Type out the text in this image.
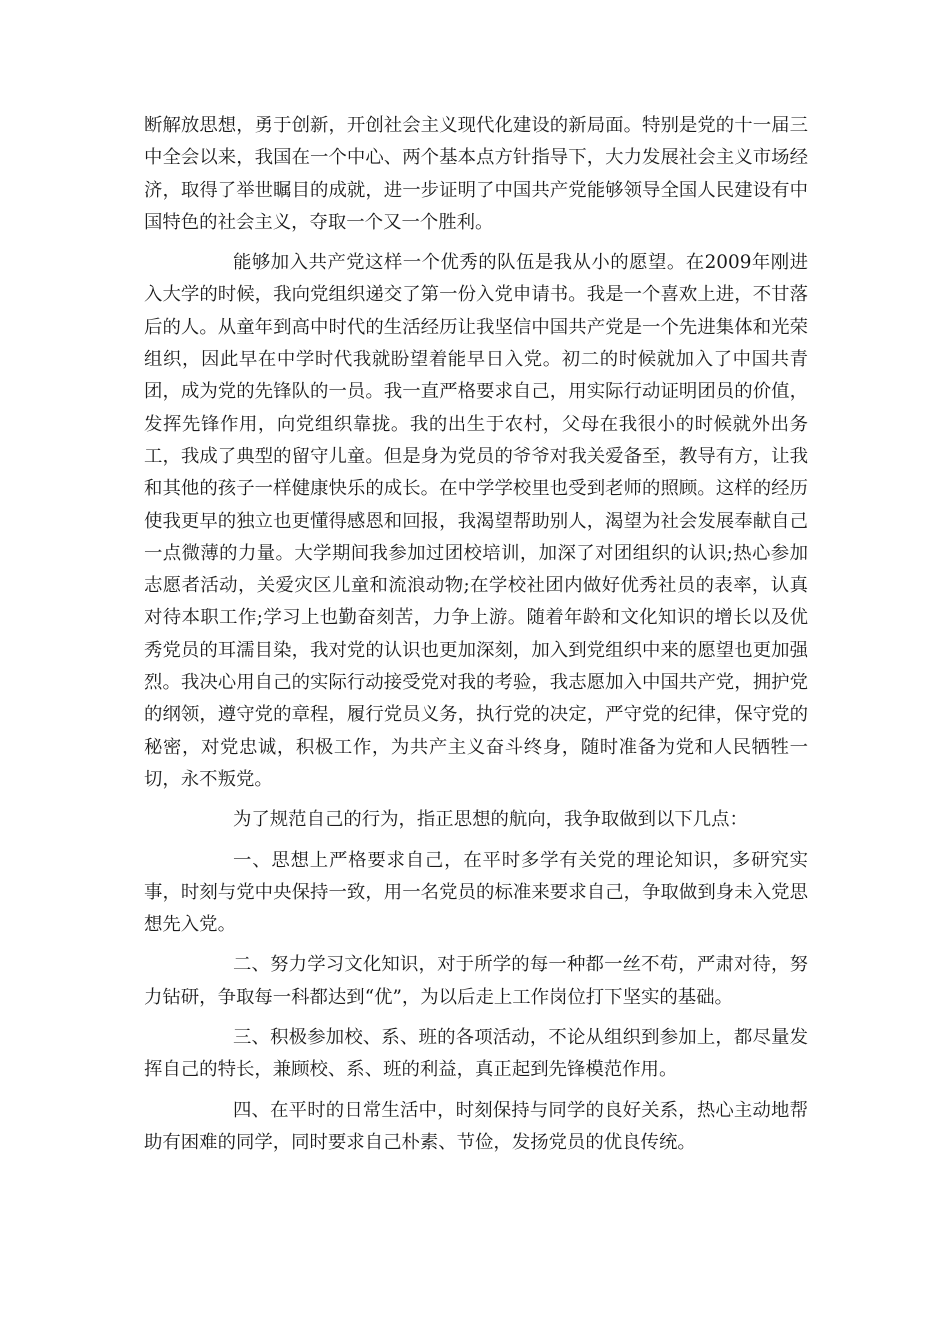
断解放思想，勇于创新，开创社会主义现代化建设的新局面。特别是党的十一届三中全会以来，我国在一个中心、两个基本点方针指导下，大力发展社会主义市场经济，取得了举世瞩目的成就，进一步证明了中国共产党能够领导全国人民建设有中国特色的社会主义，夺取一个又一个胜利。

能够加入共产党这样一个优秀的队伍是我从小的愿望。在2009年刚进入大学的时候，我向党组织递交了第一份入党申请书。我是一个喜欢上进，不甘落后的人。从童年到高中时代的生活经历让我坚信中国共产党是一个先进集体和光荣组织，因此早在中学时代我就盼望着能早日入党。初二的时候就加入了中国共青团，成为党的先锋队的一员。我一直严格要求自己，用实际行动证明团员的价值，发挥先锋作用，向党组织靠拢。我的出生于农村，父母在我很小的时候就外出务工，我成了典型的留守儿童。但是身为党员的爷爷对我关爱备至，教导有方，让我和其他的孩子一样健康快乐的成长。在中学学校里也受到老师的照顾。这样的经历使我更早的独立也更懂得感恩和回报，我渴望帮助别人，渴望为社会发展奉献自己一点微薄的力量。大学期间我参加过团校培训，加深了对团组织的认识;热心参加志愿者活动，关爱灾区儿童和流浪动物;在学校社团内做好优秀社员的表率，认真对待本职工作;学习上也勤奋刻苦，力争上游。随着年龄和文化知识的增长以及优秀党员的耳濡目染，我对党的认识也更加深刻，加入到党组织中来的愿望也更加强烈。我决心用自己的实际行动接受党对我的考验，我志愿加入中国共产党，拥护党的纲领，遵守党的章程，履行党员义务，执行党的决定，严守党的纪律，保守党的秘密，对党忠诚，积极工作，为共产主义奋斗终身，随时准备为党和人民牺牲一切，永不叛党。

为了规范自己的行为，指正思想的航向，我争取做到以下几点：

一、思想上严格要求自己，在平时多学有关党的理论知识，多研究实事，时刻与党中央保持一致，用一名党员的标准来要求自己，争取做到身未入党思想先入党。

二、努力学习文化知识，对于所学的每一种都一丝不苟，严肃对待，努力钻研，争取每一科都达到“优”，为以后走上工作岗位打下坚实的基础。

三、积极参加校、系、班的各项活动，不论从组织到参加上，都尽量发挥自己的特长，兼顾校、系、班的利益，真正起到先锋模范作用。

四、在平时的日常生活中，时刻保持与同学的良好关系，热心主动地帮助有困难的同学，同时要求自己朴素、节俭，发扬党员的优良传统。
